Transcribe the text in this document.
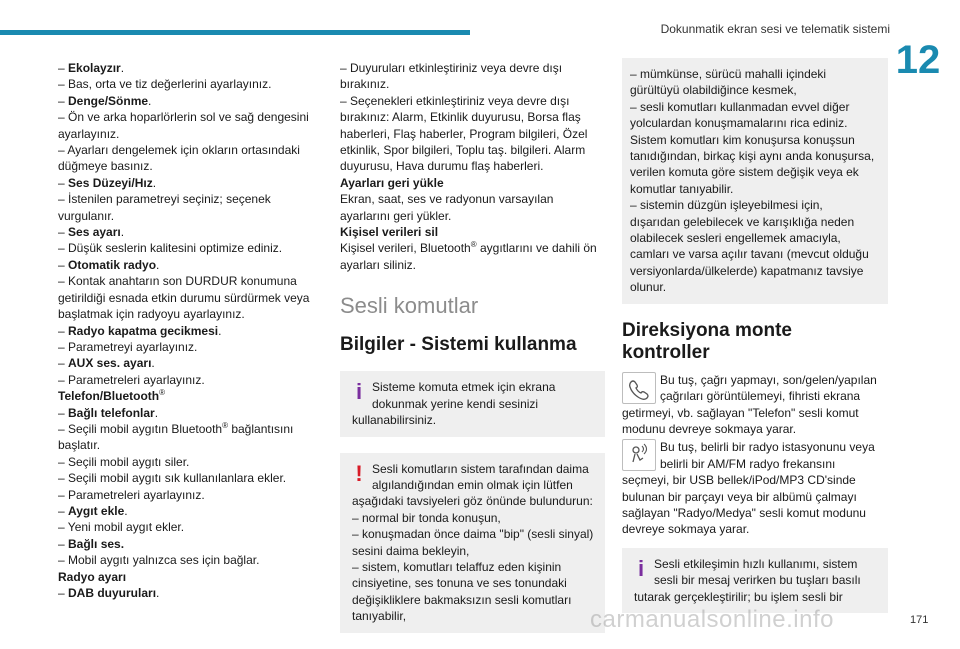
Dokunmatik ekran sesi ve telematik sistemi
12
– Ekolayzır.
– Bas, orta ve tiz değerlerini ayarlayınız.
– Denge/Sönme.
– Ön ve arka hoparlörlerin sol ve sağ dengesini
ayarlayınız.
– Ayarları dengelemek için okların ortasındaki
düğmeye basınız.
– Ses Düzeyi/Hız.
– İstenilen parametreyi seçiniz; seçenek
vurgulanır.
– Ses ayarı.
– Düşük seslerin kalitesini optimize ediniz.
– Otomatik radyo.
– Kontak anahtarın son DURDUR konumuna
getirildiği esnada etkin durumu sürdürmek veya
başlatmak için radyoyu ayarlayınız.
– Radyo kapatma gecikmesi.
– Parametreyi ayarlayınız.
– AUX ses. ayarı.
– Parametreleri ayarlayınız.
Telefon/Bluetooth®
– Bağlı telefonlar.
– Seçili mobil aygıtın Bluetooth® bağlantısını
başlatır.
– Seçili mobil aygıtı siler.
– Seçili mobil aygıtı sık kullanılanlara ekler.
– Parametreleri ayarlayınız.
– Aygıt ekle.
– Yeni mobil aygıt ekler.
– Bağlı ses.
– Mobil aygıtı yalnızca ses için bağlar.
Radyo ayarı
– DAB duyuruları.
– Duyuruları etkinleştiriniz veya devre dışı
bırakınız.
– Seçenekleri etkinleştiriniz veya devre dışı
bırakınız: Alarm, Etkinlik duyurusu, Borsa flaş
haberleri, Flaş haberler, Program bilgileri, Özel
etkinlik, Spor bilgileri, Toplu taş. bilgileri. Alarm
duyurusu, Hava durumu flaş haberleri.
Ayarları geri yükle
Ekran, saat, ses ve radyonun varsayılan
ayarlarını geri yükler.
Kişisel verileri sil
Kişisel verileri, Bluetooth® aygıtlarını ve dahili ön
ayarları siliniz.
Sesli komutlar
Bilgiler - Sistemi kullanma
i Sisteme komuta etmek için ekrana
dokunmak yerine kendi sesinizi
kullanabilirsiniz.
! Sesli komutların sistem tarafından daima
algılandığından emin olmak için lütfen
aşağıdaki tavsiyeleri göz önünde bulundurun:
– normal bir tonda konuşun,
– konuşmadan önce daima "bip" (sesli sinyal)
sesini daima bekleyin,
– sistem, komutları telaffuz eden kişinin
cinsiyetine, ses tonuna ve ses tonundaki
değişikliklere bakmaksızın sesli komutları
tanıyabilir,
– mümkünse, sürücü mahalli içindeki
gürültüyü olabildiğince kesmek,
– sesli komutları kullanmadan evvel diğer
yolculardan konuşmamalarını rica ediniz.
Sistem komutları kim konuşursa konuşsun
tanıdığından, birkaç kişi aynı anda konuşursa,
verilen komuta göre sistem değişik veya ek
komutlar tanıyabilir.
– sistemin düzgün işleyebilmesi için,
dışarıdan gelebilecek ve karışıklığa neden
olabilecek sesleri engellemek amacıyla,
camları ve varsa açılır tavanı (mevcut olduğu
versiyonlarda/ülkelerde) kapatmanız tavsiye
olunur.
Direksiyona monte
kontroller
Bu tuş, çağrı yapmayı, son/gelen/yapılan
çağrıları görüntülemeyi, fihristi ekrana
getirmeyi, vb. sağlayan "Telefon" sesli komut
modunu devreye sokmaya yarar.
Bu tuş, belirli bir radyo istasyonunu veya
belirli bir AM/FM radyo frekansını
seçmeyi, bir USB bellek/iPod/MP3 CD'sinde
bulunan bir parçayı veya bir albümü çalmayı
sağlayan "Radyo/Medya" sesli komut modunu
devreye sokmaya yarar.
i Sesli etkileşimin hızlı kullanımı, sistem
sesli bir mesaj verirken bu tuşları basılı
tutarak gerçekleştirilir; bu işlem sesli bir
171
carmanualsonline.info
